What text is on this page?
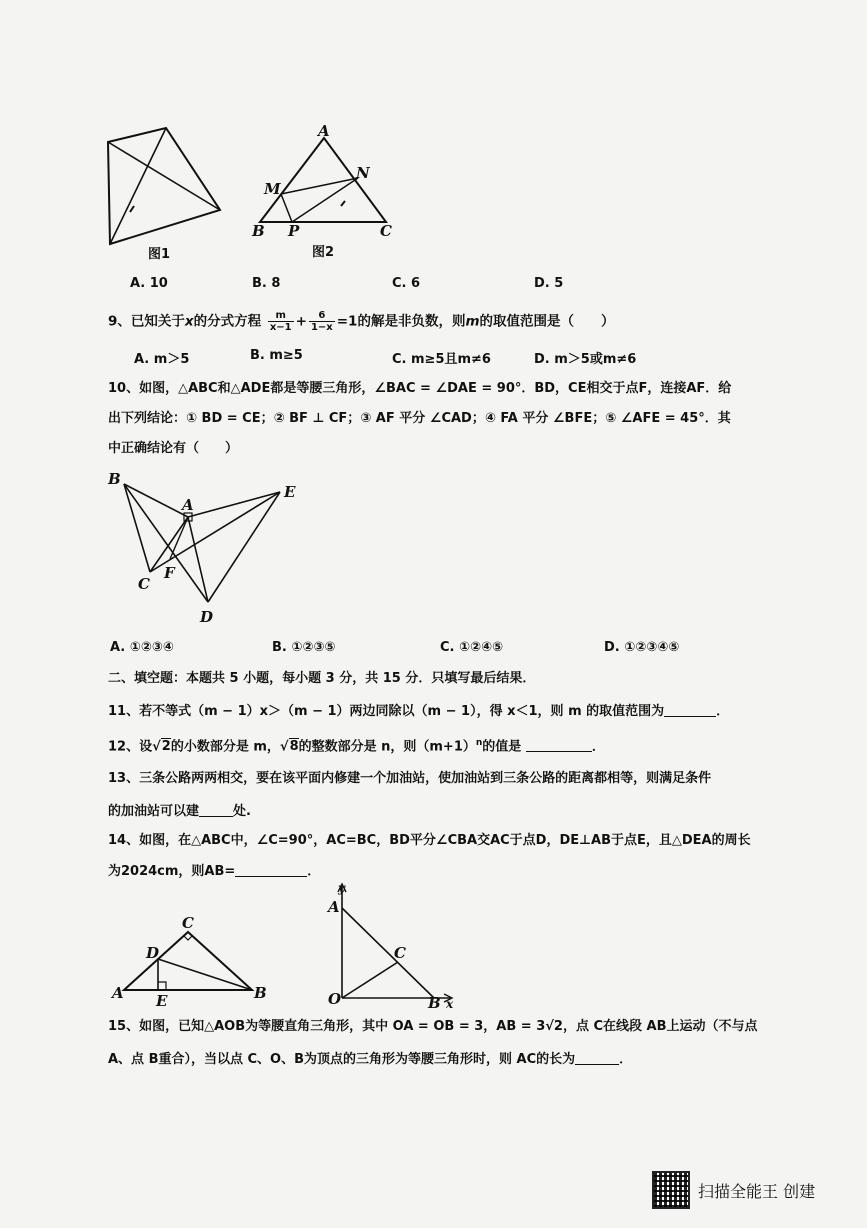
图1
A
M
N
B P	C
图2
A. 10	B. 8	C. 6	D. 5
9、已知关于x的分式方程 $\frac{m}{x-1} + \frac{6}{1-x} =1$的解是非负数，则m的取值范围是（　　）
A. m＞5	B. m≥5	C. m≥5且m≠6	D. m＞5或m≠6
10、如图，△ABC和△ADE都是等腰三角形，∠BAC = ∠DAE = 90°．BD，CE相交于点F，连接AF．给
出下列结论：① BD = CE；② BF ⊥ CF；③ AF 平分 ∠CAD；④ FA 平分 ∠BFE；⑤ ∠AFE = 45°．其
中正确结论有（　　）
B
A
E
C
F
D
A. ①②③④	B. ①②③⑤	C. ①②④⑤	D. ①②③④⑤
二、填空题：本题共 5 小题，每小题 3 分，共 15 分．只填写最后结果．
11、若不等式（m − 1）x＞（m − 1）两边同除以（m − 1），得 x＜1，则 m 的取值范围为	．
12、设√2的小数部分是 m，√8的整数部分是 n，则$(m+1)^n$的值是	．
13、三条公路两两相交，要在该平面内修建一个加油站，使加油站到三条公路的距离都相等，则满足条件
的加油站可以建	处.
14、如图，在△ABC中，∠C=90°，AC=BC，BD平分∠CBA交AC于点D，DE⊥AB于点E，且△DEA的周长
为2024cm，则AB=	．
C
D
A E	B
y
A
C
O	B x
15、如图，已知△AOB为等腰直角三角形，其中 OA = OB = 3，AB = 3√2，点 C在线段 AB上运动（不与点
A、点 B重合），当以点 C、O、B为顶点的三角形为等腰三角形时，则 AC的长为	．
扫描全能王 创建
